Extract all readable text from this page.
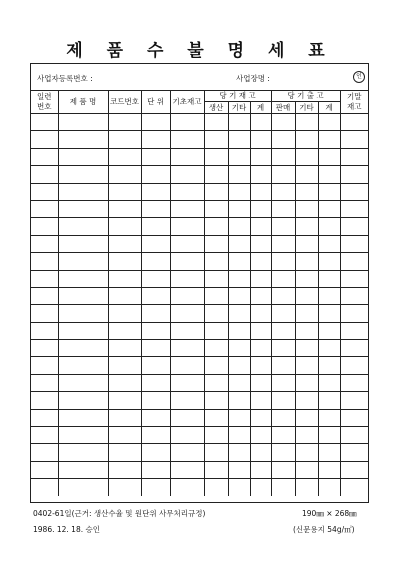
제 품 수 불 명 세 표
사업자등록번호 :	사업장명 :	인
일련
번호	제 품 명	코드번호	단 위	기초재고	당 기 재 고			당 기 출 고			기말
재고
					생산	기타	계	판매	기타	계	

0402-61일(근거: 생산수율 및 원단위 사무처리규정)
1986. 12. 18. 승인
190㎜ × 268㎜
(신문용지 54g/㎡)
